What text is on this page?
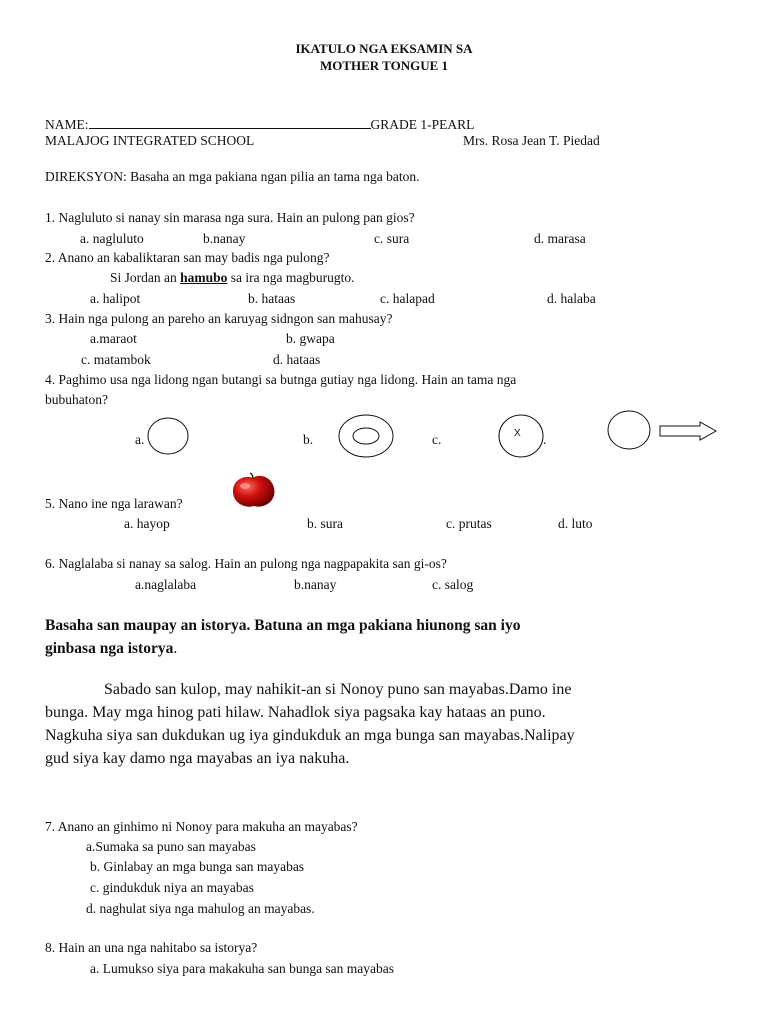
IKATULO NGA EKSAMIN SA
MOTHER TONGUE 1
NAME:	GRADE 1-PEARL
MALAJOG INTEGRATED SCHOOL	Mrs. Rosa Jean T. Piedad
DIREKSYON: Basaha an mga pakiana ngan pilia an tama nga baton.
1. Nagluluto si nanay sin marasa nga sura. Hain an pulong pan gios?
a. nagluluto	b.nanay	c. sura	d. marasa
2. Anano an kabaliktaran san may badis nga pulong?
Si Jordan an hamubo sa ira nga magburugto.
a. halipot	b. hataas	c. halapad	d. halaba
3. Hain nga pulong an pareho an karuyag sidngon san mahusay?
a.maraot	b. gwapa
c. matambok	d. hataas
4. Paghimo usa nga lidong ngan butangi sa butnga gutiay nga lidong. Hain an tama nga
bubuhaton?
a.	b.	c.	X .
5. Nano ine nga larawan?
a. hayop	b. sura	c. prutas	d. luto
6. Naglalaba si nanay sa salog. Hain an pulong nga nagpapakita san gi-os?
a.naglalaba	b.nanay	c. salog
Basaha san maupay an istorya. Batuna an mga pakiana hiunong san iyo
ginbasa nga istorya.
Sabado san kulop, may nahikit-an si Nonoy puno san mayabas.Damo ine
bunga. May mga hinog pati hilaw. Nahadlok siya pagsaka kay hataas an puno.
Nagkuha siya san dukdukan ug iya gindukduk an mga bunga san mayabas.Nalipay
gud siya kay damo nga mayabas an iya nakuha.
7. Anano an ginhimo ni Nonoy para makuha an mayabas?
a.Sumaka sa puno san mayabas
b. Ginlabay an mga bunga san mayabas
c. gindukduk niya an mayabas
d. naghulat siya nga mahulog an mayabas.
8. Hain an una nga nahitabo sa istorya?
a. Lumukso siya para makakuha san bunga san mayabas
